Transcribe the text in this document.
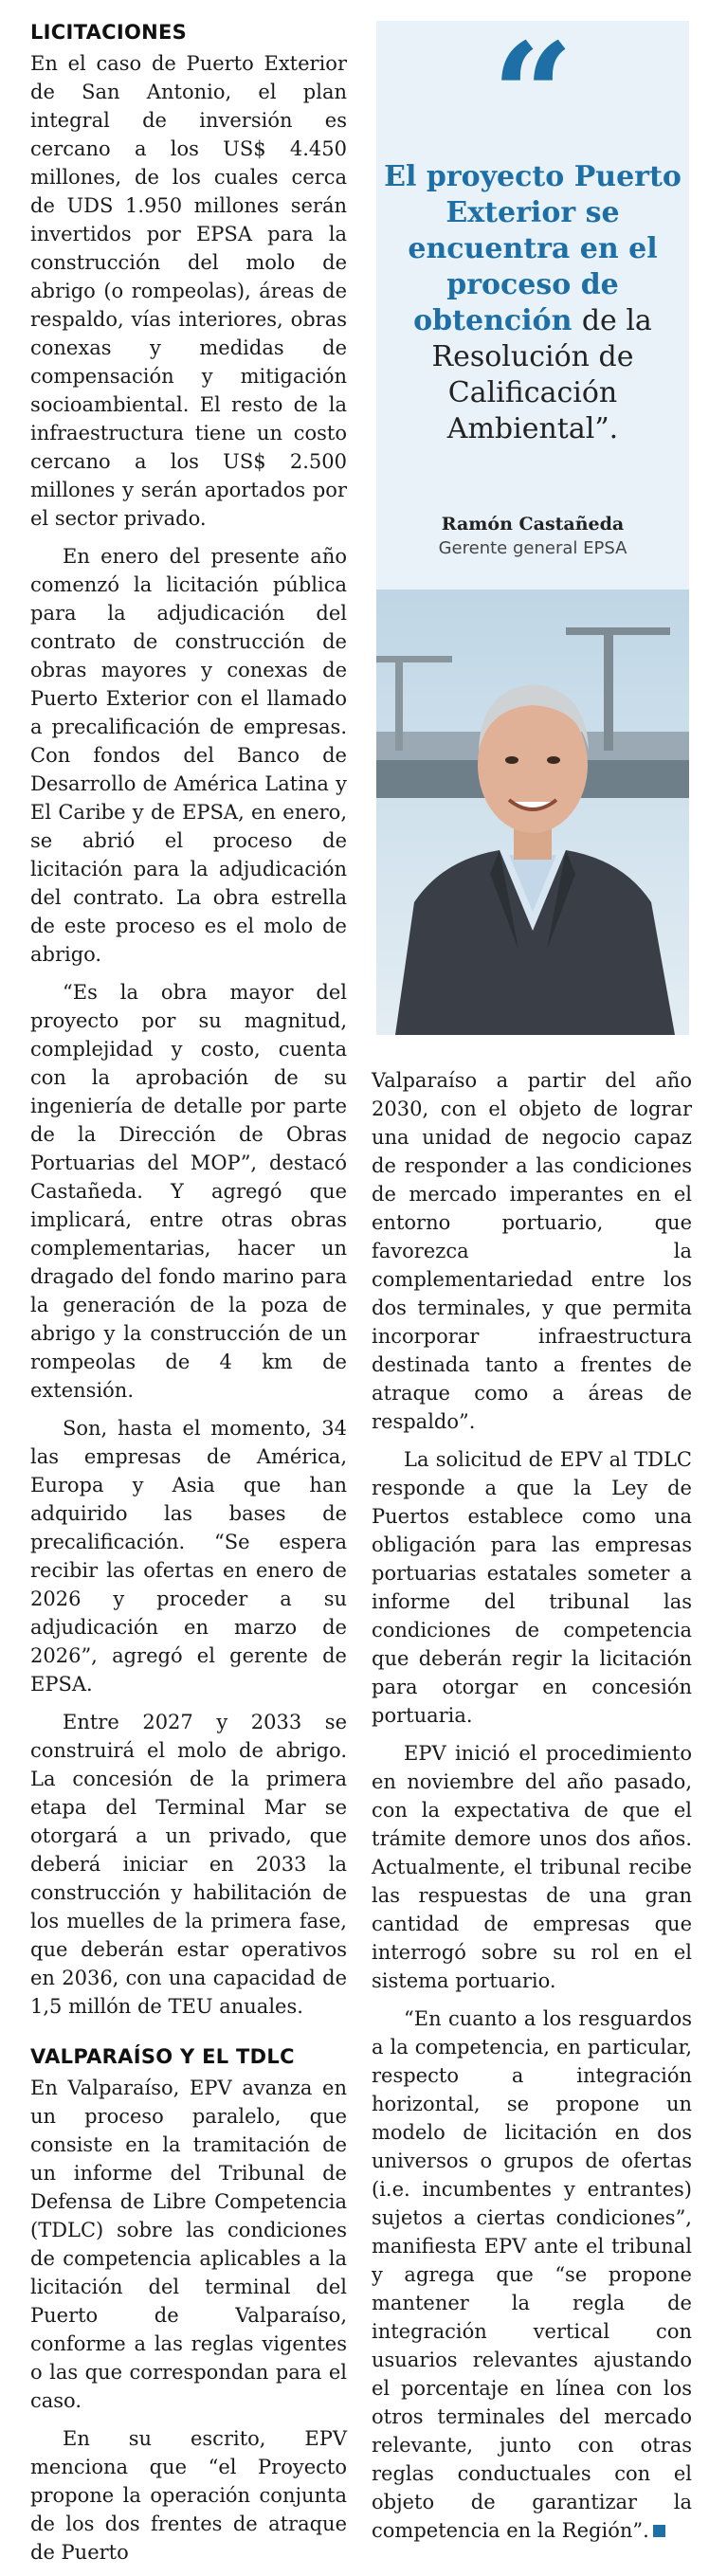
LICITACIONES

En el caso de Puerto Exterior de San Antonio, el plan integral de inversión es cercano a los US$ 4.450 millones, de los cuales cerca de UDS 1.950 millones serán invertidos por EPSA para la construcción del molo de abrigo (o rompeolas), áreas de respaldo, vías interiores, obras conexas y medidas de compensación y mitigación socioambiental. El resto de la infraestructura tiene un costo cercano a los US$ 2.500 millones y serán aportados por el sector privado.

En enero del presente año comenzó la licitación pública para la adjudicación del contrato de construcción de obras mayores y conexas de Puerto Exterior con el llamado a precalificación de empresas. Con fondos del Banco de Desarrollo de América Latina y El Caribe y de EPSA, en enero, se abrió el proceso de licitación para la adjudicación del contrato. La obra estrella de este proceso es el molo de abrigo.

“Es la obra mayor del proyecto por su magnitud, complejidad y costo, cuenta con la aprobación de su ingeniería de detalle por parte de la Dirección de Obras Portuarias del MOP”, destacó Castañeda. Y agregó que implicará, entre otras obras complementarias, hacer un dragado del fondo marino para la generación de la poza de abrigo y la construcción de un rompeolas de 4 km de extensión.

Son, hasta el momento, 34 las empresas de América, Europa y Asia que han adquirido las bases de precalificación. “Se espera recibir las ofertas en enero de 2026 y proceder a su adjudicación en marzo de 2026”, agregó el gerente de EPSA.

Entre 2027 y 2033 se construirá el molo de abrigo. La concesión de la primera etapa del Terminal Mar se otorgará a un privado, que deberá iniciar en 2033 la construcción y habilitación de los muelles de la primera fase, que deberán estar operativos en 2036, con una capacidad de 1,5 millón de TEU anuales.

VALPARAÍSO Y EL TDLC

En Valparaíso, EPV avanza en un proceso paralelo, que consiste en la tramitación de un informe del Tribunal de Defensa de Libre Competencia (TDLC) sobre las condiciones de competencia aplicables a la licitación del terminal del Puerto de Valparaíso, conforme a las reglas vigentes o las que correspondan para el caso.

En su escrito, EPV menciona que “el Proyecto propone la operación conjunta de los dos frentes de atraque de Puerto

“
El proyecto Puerto Exterior se encuentra en el proceso de obtención de la Resolución de Calificación Ambiental”.
Ramón Castañeda
Gerente general EPSA

Valparaíso a partir del año 2030, con el objeto de lograr una unidad de negocio capaz de responder a las condiciones de mercado imperantes en el entorno portuario, que favorezca la complementariedad entre los dos terminales, y que permita incorporar infraestructura destinada tanto a frentes de atraque como a áreas de respaldo”.

La solicitud de EPV al TDLC responde a que la Ley de Puertos establece como una obligación para las empresas portuarias estatales someter a informe del tribunal las condiciones de competencia que deberán regir la licitación para otorgar en concesión portuaria.

EPV inició el procedimiento en noviembre del año pasado, con la expectativa de que el trámite demore unos dos años. Actualmente, el tribunal recibe las respuestas de una gran cantidad de empresas que interrogó sobre su rol en el sistema portuario.

“En cuanto a los resguardos a la competencia, en particular, respecto a integración horizontal, se propone un modelo de licitación en dos universos o grupos de ofertas (i.e. incumbentes y entrantes) sujetos a ciertas condiciones”, manifiesta EPV ante el tribunal y agrega que “se propone mantener la regla de integración vertical con usuarios relevantes ajustando el porcentaje en línea con los otros terminales del mercado relevante, junto con otras reglas conductuales con el objeto de garantizar la competencia en la Región”.
